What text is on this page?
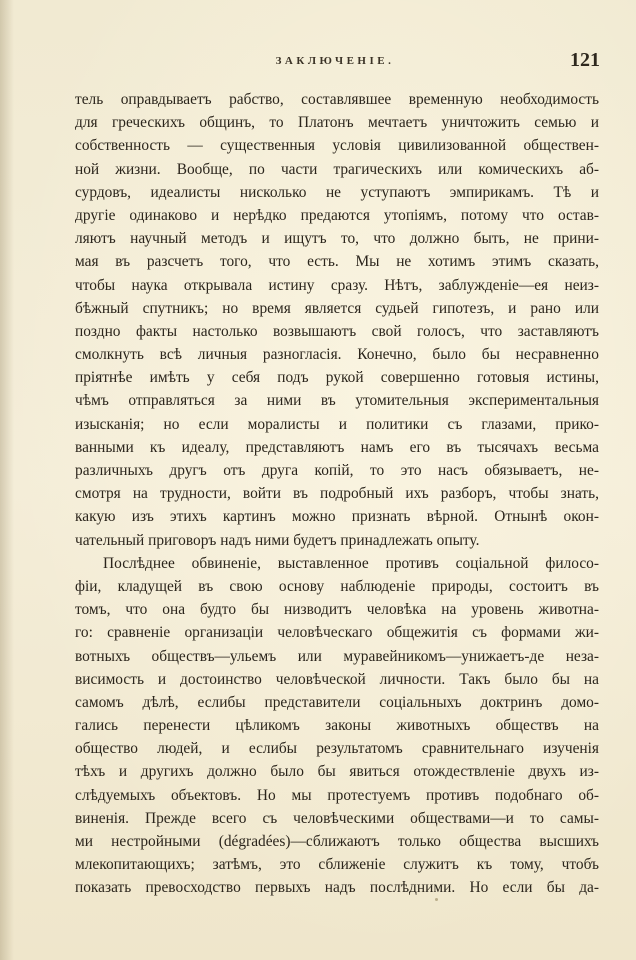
ЗАКЛЮЧЕНІЕ.	121
тель оправдываетъ рабство, составлявшее временную необходимость
для греческихъ общинъ, то Платонъ мечтаетъ уничтожить семью и
собственность — существенныя условія цивилизованной обществен-
ной жизни. Вообще, по части трагическихъ или комическихъ аб-
сурдовъ, идеалисты нисколько не уступаютъ эмпирикамъ. Тѣ и
другіе одинаково и нерѣдко предаются утопіямъ, потому что остав-
ляютъ научный методъ и ищутъ то, что должно быть, не прини-
мая въ разсчетъ того, что есть. Мы не хотимъ этимъ сказать,
чтобы наука открывала истину сразу. Нѣтъ, заблужденіе—ея неиз-
бѣжный спутникъ; но время является судьей гипотезъ, и рано или
поздно факты настолько возвышаютъ свой голосъ, что заставляютъ
смолкнуть всѣ личныя разногласія. Конечно, было бы несравненно
пріятнѣе имѣть у себя подъ рукой совершенно готовыя истины,
чѣмъ отправляться за ними въ утомительныя экспериментальныя
изысканія; но если моралисты и политики съ глазами, прико-
ванными къ идеалу, представляютъ намъ его въ тысячахъ весьма
различныхъ другъ отъ друга копій, то это насъ обязываетъ, не-
смотря на трудности, войти въ подробный ихъ разборъ, чтобы знать,
какую изъ этихъ картинъ можно признать вѣрной. Отнынѣ окон-
чательный приговоръ надъ ними будетъ принадлежать опыту.
Послѣднее обвиненіе, выставленное противъ соціальной филосо-
фіи, кладущей въ свою основу наблюденіе природы, состоитъ въ
томъ, что она будто бы низводитъ человѣка на уровень животна-
го: сравненіе организаціи человѣческаго общежитія съ формами жи-
вотныхъ обществъ—ульемъ или муравейникомъ—унижаетъ-де неза-
висимость и достоинство человѣческой личности. Такъ было бы на
самомъ дѣлѣ, еслибы представители соціальныхъ доктринъ домо-
гались перенести цѣликомъ законы животныхъ обществъ на
общество людей, и еслибы результатомъ сравнительнаго изученія
тѣхъ и другихъ должно было бы явиться отождествленіе двухъ из-
слѣдуемыхъ объектовъ. Но мы протестуемъ противъ подобнаго об-
виненія. Прежде всего съ человѣческими обществами—и то самы-
ми нестройными (dégradées)—сближаютъ только общества высшихъ
млекопитающихъ; затѣмъ, это сближеніе служитъ къ тому, чтобъ
показать превосходство первыхъ надъ послѣдними. Но если бы да-
